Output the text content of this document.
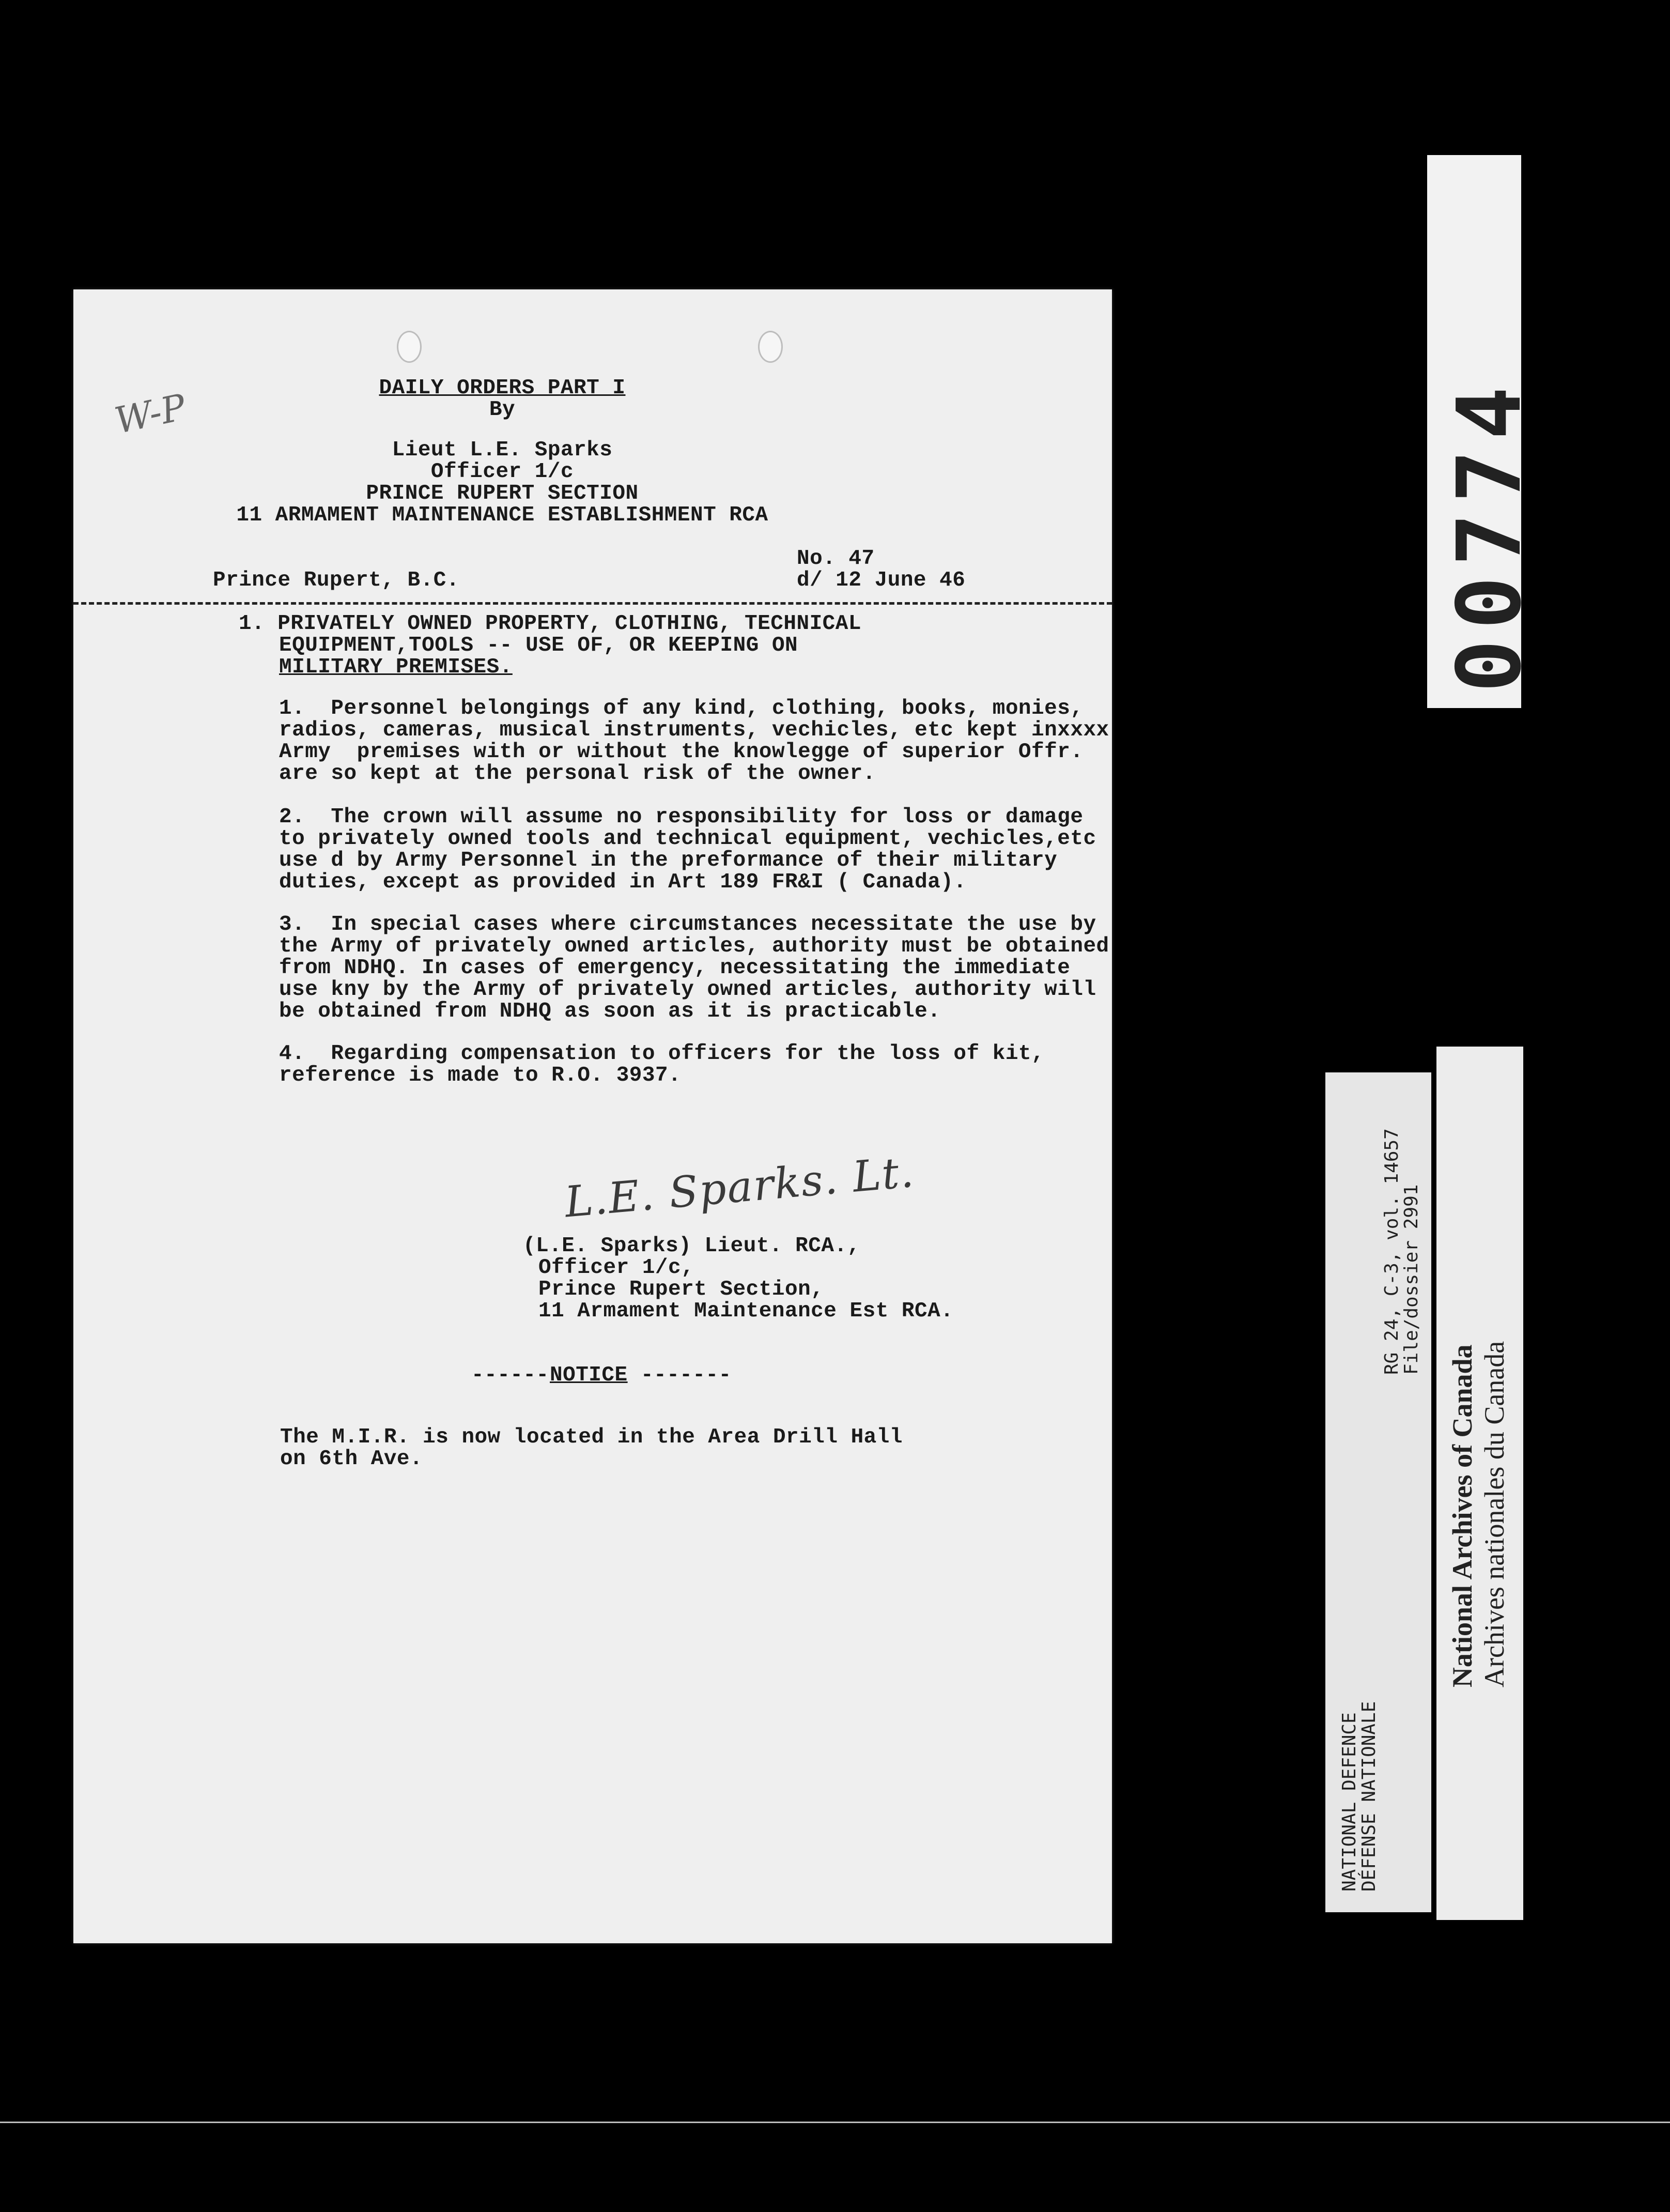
W-P	DAILY ORDERS PART I
By
Lieut L.E. Sparks
Officer 1/c
PRINCE RUPERT SECTION
11 ARMAMENT MAINTENANCE ESTABLISHMENT RCA
No. 47
Prince Rupert, B.C.	d/ 12 June 46
1. PRIVATELY OWNED PROPERTY, CLOTHING, TECHNICAL
EQUIPMENT,TOOLS -- USE OF, OR KEEPING ON
MILITARY PREMISES.
1.  Personnel belongings of any kind, clothing, books, monies,
radios, cameras, musical instruments, vechicles, etc kept inxxxx
Army  premises with or without the knowlegge of superior Offr.
are so kept at the personal risk of the owner.
2.  The crown will assume no responsibility for loss or damage
to privately owned tools and technical equipment, vechicles,etc
use d by Army Personnel in the preformance of their military
duties, except as provided in Art 189 FR&I ( Canada).
3.  In special cases where circumstances necessitate the use by
the Army of privately owned articles, authority must be obtained
from NDHQ. In cases of emergency, necessitating the immediate
use kny by the Army of privately owned articles, authority will
be obtained from NDHQ as soon as it is practicable.
4.  Regarding compensation to officers for the loss of kit,
reference is made to R.O. 3937.
L.E. Sparks. Lt.
(L.E. Sparks) Lieut. RCA.,
Officer 1/c,
Prince Rupert Section,
11 Armament Maintenance Est RCA.
------ NOTICE -------
The M.I.R. is now located in the Area Drill Hall
on 6th Ave.
00774
NATIONAL DEFENCE
DÉFENSE NATIONALE
RG 24, C-3, vol. 14657
File/dossier 2991
National Archives of Canada Archives nationales du Canada
